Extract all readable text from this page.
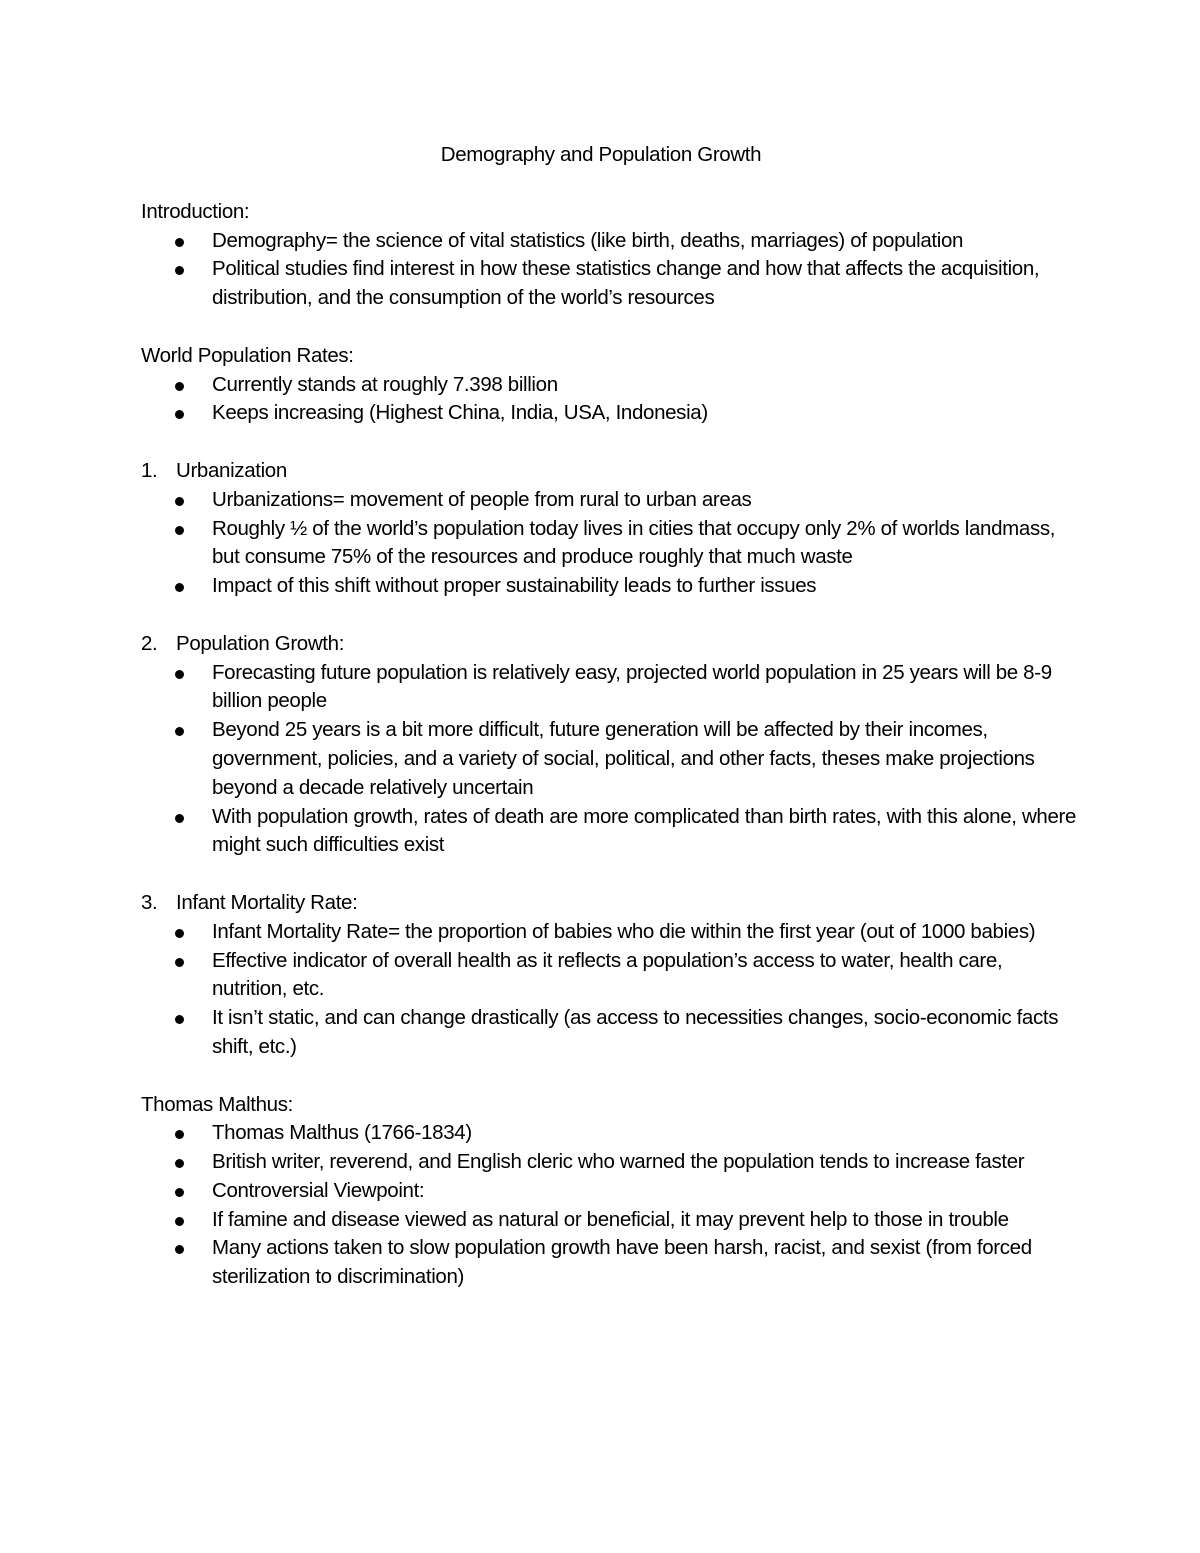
Demography and Population Growth
Introduction:
Demography= the science of vital statistics (like birth, deaths, marriages) of population
Political studies find interest in how these statistics change and how that affects the acquisition, distribution, and the consumption of the world’s resources
World Population Rates:
Currently stands at roughly 7.398 billion
Keeps increasing (Highest China, India, USA, Indonesia)
1. Urbanization
Urbanizations= movement of people from rural to urban areas
Roughly ½ of the world’s population today lives in cities that occupy only 2% of worlds landmass, but consume 75% of the resources and produce roughly that much waste
Impact of this shift without proper sustainability leads to further issues
2. Population Growth:
Forecasting future population is relatively easy, projected world population in 25 years will be 8-9 billion people
Beyond 25 years is a bit more difficult, future generation will be affected by their incomes, government, policies, and a variety of social, political, and other facts, theses make projections beyond a decade relatively uncertain
With population growth, rates of death are more complicated than birth rates, with this alone, where might such difficulties exist
3. Infant Mortality Rate:
Infant Mortality Rate= the proportion of babies who die within the first year (out of 1000 babies)
Effective indicator of overall health as it reflects a population’s access to water, health care, nutrition, etc.
It isn’t static, and can change drastically (as access to necessities changes, socio-economic facts shift, etc.)
Thomas Malthus:
Thomas Malthus (1766-1834)
British writer, reverend, and English cleric who warned the population tends to increase faster
Controversial Viewpoint:
If famine and disease viewed as natural or beneficial, it may prevent help to those in trouble
Many actions taken to slow population growth have been harsh, racist, and sexist (from forced sterilization to discrimination)
